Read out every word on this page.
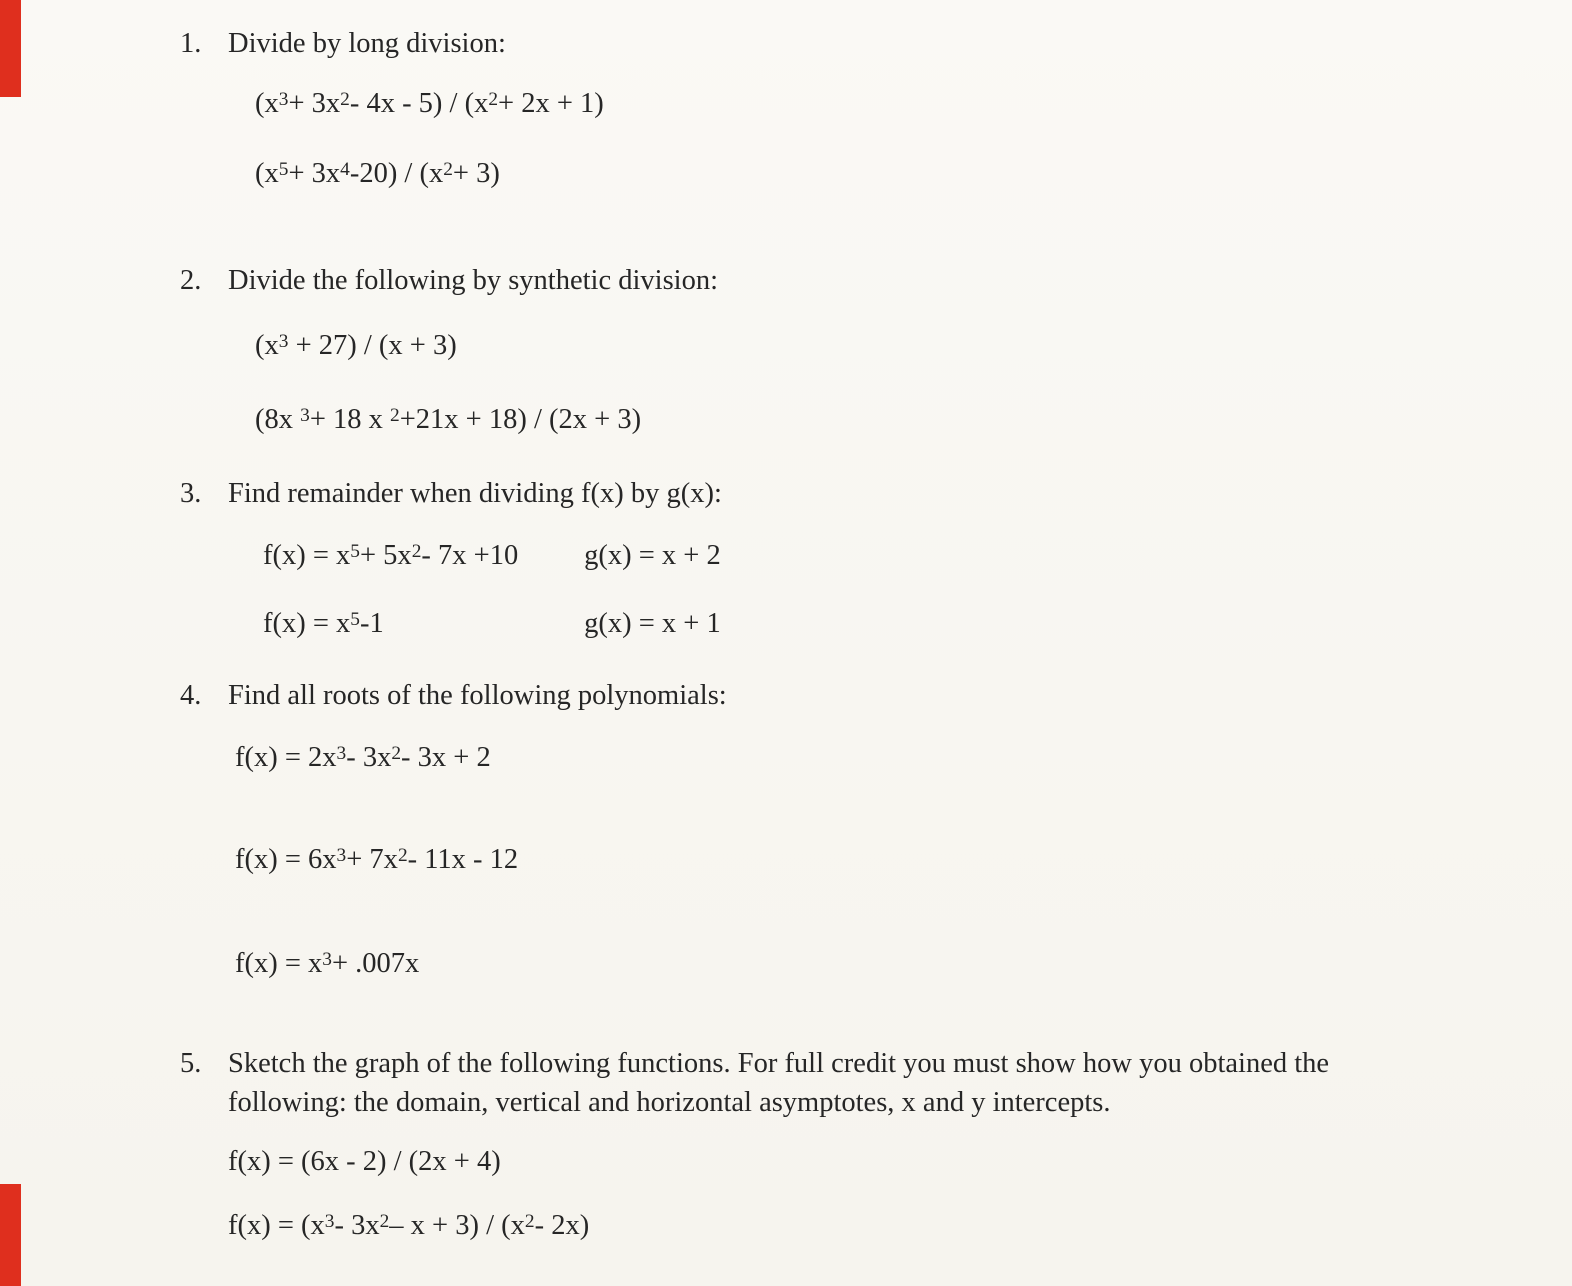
1. Divide by long division:
($x^3+ 3x^2-$ $4x - 5) / (x^2+ 2x + 1)$
$(x^5+ 3x^4-20) / (x^2+ 3)$
2. Divide the following by synthetic division:
$(x^3 + 27) / (x + 3)$
(8x $^3$+ 18 x $^2$+21x + 18) / (2x + 3)
3. Find remainder when dividing f(x) by g(x):
$f(x) = x^5+ 5x^2-$ 7x +10 g(x) = x + 2
$f(x) = x^5-1$	g(x) = x + 1
4. Find all roots of the following polynomials:
$f(x) = 2x^3-$ $3x^2-$ 3x + 2
$f(x) = 6x^3+ 7x^2-$ 11x - 12
$f(x) = x^3+ .007x$
5. Sketch the graph of the following functions. For full credit you must show how you obtained the following: the domain, vertical and horizontal asymptotes, x and y intercepts.
f(x) = (6x - 2) / (2x + 4)
$f(x) = (x^3-$ $3x^2-$ $x + 3) / (x^2-$ 2x)
